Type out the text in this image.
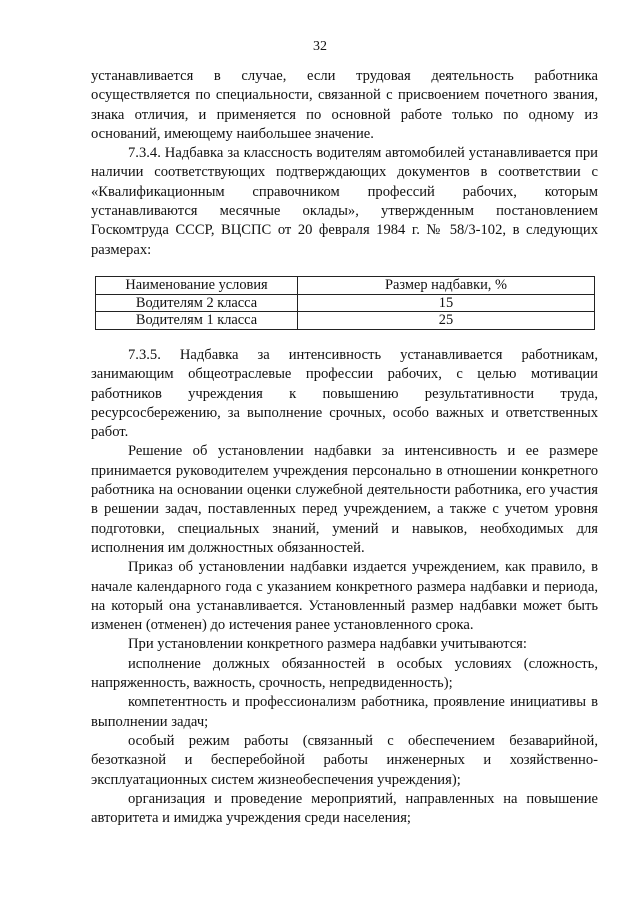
32

устанавливается в случае, если трудовая деятельность работника осуществляется по специальности, связанной с присвоением почетного звания, знака отличия, и применяется по основной работе только по одному из оснований, имеющему наибольшее значение.

7.3.4. Надбавка за классность водителям автомобилей устанавливается при наличии соответствующих подтверждающих документов в соответствии с «Квалификационным справочником профессий рабочих, которым устанавливаются месячные оклады», утвержденным постановлением Госкомтруда СССР, ВЦСПС от 20 февраля 1984 г. № 58/3-102, в следующих размерах:

Наименование условия	Размер надбавки, %
Водителям 2 класса	15
Водителям 1 класса	25

7.3.5. Надбавка за интенсивность устанавливается работникам, занимающим общеотраслевые профессии рабочих, с целью мотивации работников учреждения к повышению результативности труда, ресурсосбережению, за выполнение срочных, особо важных и ответственных работ.

Решение об установлении надбавки за интенсивность и ее размере принимается руководителем учреждения персонально в отношении конкретного работника на основании оценки служебной деятельности работника, его участия в решении задач, поставленных перед учреждением, а также с учетом уровня подготовки, специальных знаний, умений и навыков, необходимых для исполнения им должностных обязанностей.

Приказ об установлении надбавки издается учреждением, как правило, в начале календарного года с указанием конкретного размера надбавки и периода, на который она устанавливается. Установленный размер надбавки может быть изменен (отменен) до истечения ранее установленного срока.

При установлении конкретного размера надбавки учитываются:

исполнение должных обязанностей в особых условиях (сложность, напряженность, важность, срочность, непредвиденность);

компетентность и профессионализм работника, проявление инициативы в выполнении задач;

особый режим работы (связанный с обеспечением безаварийной, безотказной и бесперебойной работы инженерных и хозяйственно-эксплуатационных систем жизнеобеспечения учреждения);

организация и проведение мероприятий, направленных на повышение авторитета и имиджа учреждения среди населения;
